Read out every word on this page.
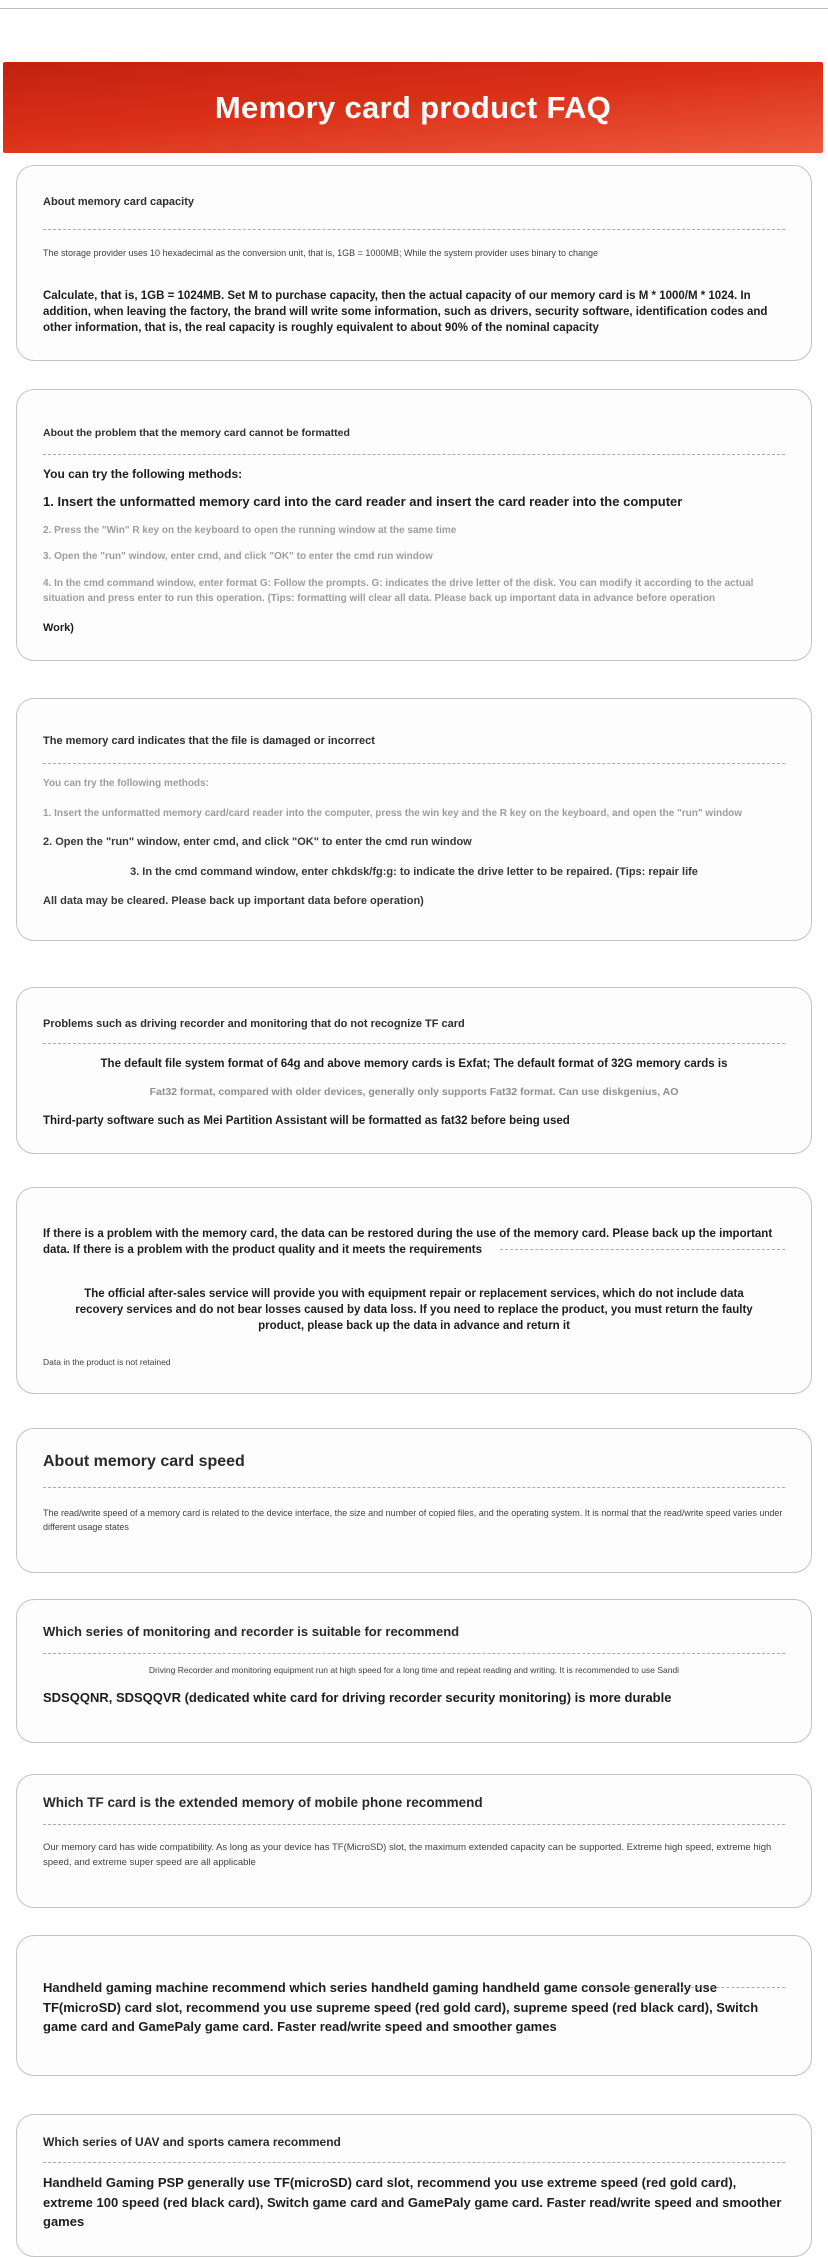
Memory card product FAQ

About memory card capacity

The storage provider uses 10 hexadecimal as the conversion unit, that is, 1GB = 1000MB; While the system provider uses binary to change

Calculate, that is, 1GB = 1024MB. Set M to purchase capacity, then the actual capacity of our memory card is M * 1000/M * 1024. In addition, when leaving the factory, the brand will write some information, such as drivers, security software, identification codes and other information, that is, the real capacity is roughly equivalent to about 90% of the nominal capacity

About the problem that the memory card cannot be formatted

You can try the following methods:

1. Insert the unformatted memory card into the card reader and insert the card reader into the computer

2. Press the "Win" R key on the keyboard to open the running window at the same time

3. Open the "run" window, enter cmd, and click "OK" to enter the cmd run window

4. In the cmd command window, enter format G: Follow the prompts. G: indicates the drive letter of the disk. You can modify it according to the actual situation and press enter to run this operation. (Tips: formatting will clear all data. Please back up important data in advance before operation

Work)

The memory card indicates that the file is damaged or incorrect

You can try the following methods:

1. Insert the unformatted memory card/card reader into the computer, press the win key and the R key on the keyboard, and open the "run" window

2. Open the "run" window, enter cmd, and click "OK" to enter the cmd run window

3. In the cmd command window, enter chkdsk/fg:g: to indicate the drive letter to be repaired. (Tips: repair life

All data may be cleared. Please back up important data before operation)

Problems such as driving recorder and monitoring that do not recognize TF card

The default file system format of 64g and above memory cards is Exfat; The default format of 32G memory cards is

Fat32 format, compared with older devices, generally only supports Fat32 format. Can use diskgenius, AO

Third-party software such as Mei Partition Assistant will be formatted as fat32 before being used

If there is a problem with the memory card, the data can be restored during the use of the memory card. Please back up the important data. If there is a problem with the product quality and it meets the requirements

The official after-sales service will provide you with equipment repair or replacement services, which do not include data recovery services and do not bear losses caused by data loss. If you need to replace the product, you must return the faulty product, please back up the data in advance and return it

Data in the product is not retained

About memory card speed

The read/write speed of a memory card is related to the device interface, the size and number of copied files, and the operating system. It is normal that the read/write speed varies under different usage states

Which series of monitoring and recorder is suitable for recommend

Driving Recorder and monitoring equipment run at high speed for a long time and repeat reading and writing. It is recommended to use Sandi

SDSQQNR, SDSQQVR (dedicated white card for driving recorder security monitoring) is more durable

Which TF card is the extended memory of mobile phone recommend

Our memory card has wide compatibility. As long as your device has TF(MicroSD) slot, the maximum extended capacity can be supported. Extreme high speed, extreme high speed, and extreme super speed are all applicable

Handheld gaming machine recommend which series handheld gaming handheld game console generally use TF(microSD) card slot, recommend you use supreme speed (red gold card), supreme speed (red black card), Switch game card and GamePaly game card. Faster read/write speed and smoother games

Which series of UAV and sports camera recommend

Handheld Gaming PSP generally use TF(microSD) card slot, recommend you use extreme speed (red gold card), extreme 100 speed (red black card), Switch game card and GamePaly game card. Faster read/write speed and smoother games
